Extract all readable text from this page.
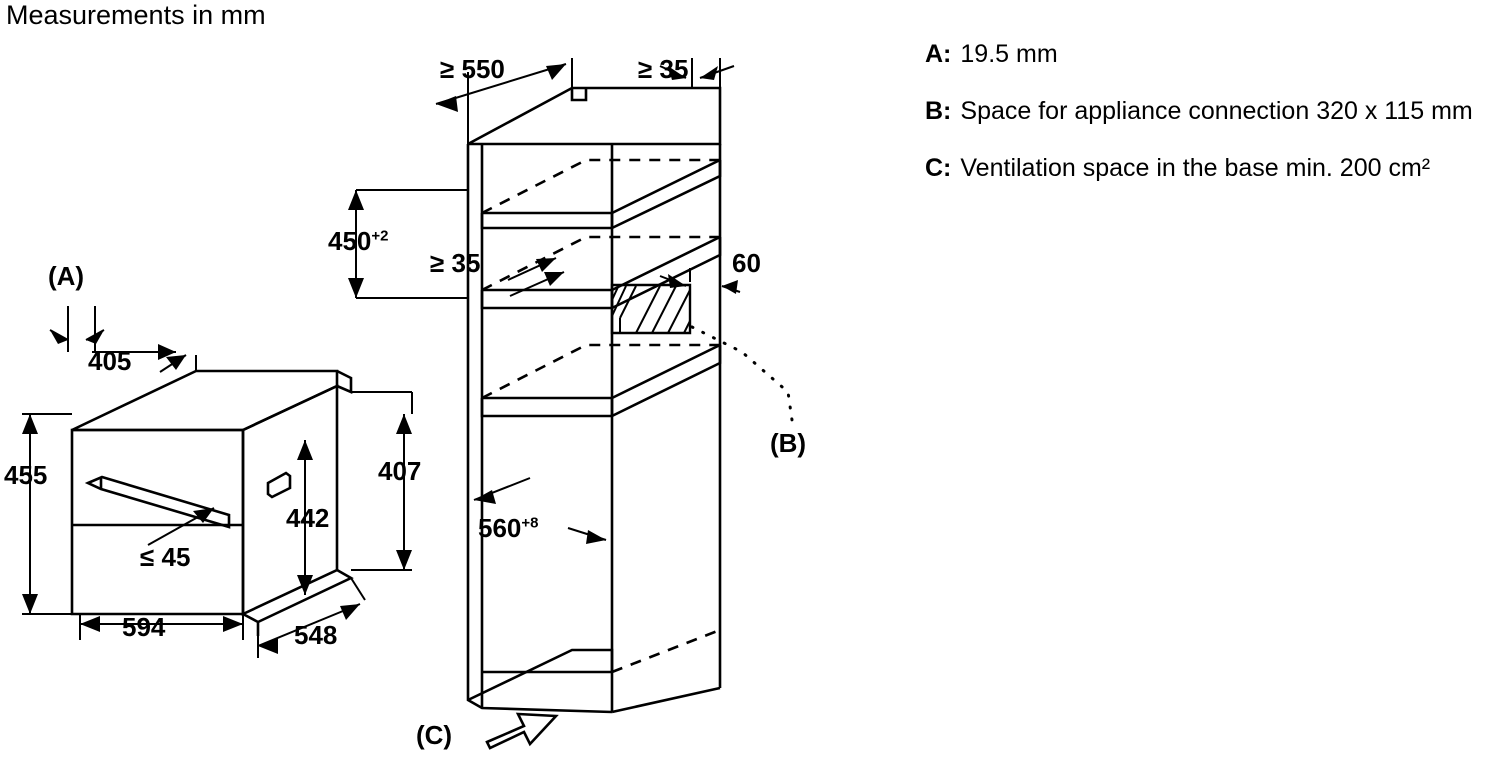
Measurements in mm
(A)
405
455
442
407
≤ 45
594	548
≥ 550	≥ 35
$450^{+2}$
≥ 35	60
$560^{+8}$
(B)
(C)
A: 19.5 mm
B: Space for appliance connection 320 x 115 mm
C: Ventilation space in the base min. 200 cm²
